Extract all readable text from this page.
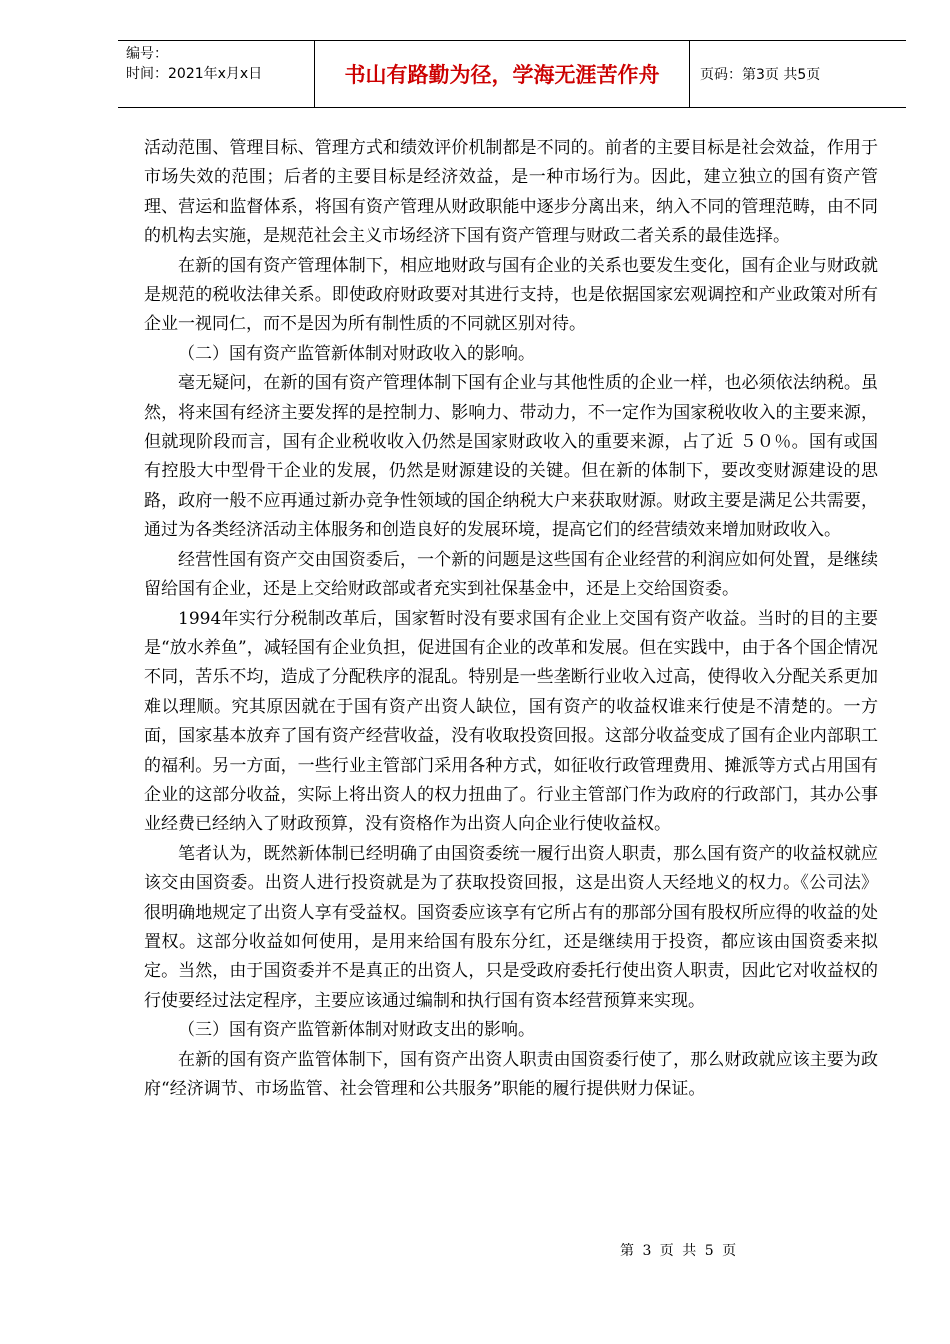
编号：
时间：2021年x月x日	书山有路勤为径，学海无涯苦作舟	页码：第3页 共5页

活动范围、管理目标、管理方式和绩效评价机制都是不同的。前者的主要目标是社会效益，作用于市场失效的范围；后者的主要目标是经济效益，是一种市场行为。因此，建立独立的国有资产管理、营运和监督体系，将国有资产管理从财政职能中逐步分离出来，纳入不同的管理范畴，由不同的机构去实施，是规范社会主义市场经济下国有资产管理与财政二者关系的最佳选择。

在新的国有资产管理体制下，相应地财政与国有企业的关系也要发生变化，国有企业与财政就是规范的税收法律关系。即使政府财政要对其进行支持，也是依据国家宏观调控和产业政策对所有企业一视同仁，而不是因为所有制性质的不同就区别对待。

（二）国有资产监管新体制对财政收入的影响。

毫无疑问，在新的国有资产管理体制下国有企业与其他性质的企业一样，也必须依法纳税。虽然，将来国有经济主要发挥的是控制力、影响力、带动力，不一定作为国家税收收入的主要来源，但就现阶段而言，国有企业税收收入仍然是国家财政收入的重要来源，占了近 ５０％。国有或国有控股大中型骨干企业的发展，仍然是财源建设的关键。但在新的体制下，要改变财源建设的思路，政府一般不应再通过新办竞争性领域的国企纳税大户来获取财源。财政主要是满足公共需要，通过为各类经济活动主体服务和创造良好的发展环境，提高它们的经营绩效来增加财政收入。

经营性国有资产交由国资委后，一个新的问题是这些国有企业经营的利润应如何处置，是继续留给国有企业，还是上交给财政部或者充实到社保基金中，还是上交给国资委。

1994年实行分税制改革后，国家暂时没有要求国有企业上交国有资产收益。当时的目的主要是“放水养鱼”，减轻国有企业负担，促进国有企业的改革和发展。但在实践中，由于各个国企情况不同，苦乐不均，造成了分配秩序的混乱。特别是一些垄断行业收入过高，使得收入分配关系更加难以理顺。究其原因就在于国有资产出资人缺位，国有资产的收益权谁来行使是不清楚的。一方面，国家基本放弃了国有资产经营收益，没有收取投资回报。这部分收益变成了国有企业内部职工的福利。另一方面，一些行业主管部门采用各种方式，如征收行政管理费用、摊派等方式占用国有企业的这部分收益，实际上将出资人的权力扭曲了。行业主管部门作为政府的行政部门，其办公事业经费已经纳入了财政预算，没有资格作为出资人向企业行使收益权。

笔者认为，既然新体制已经明确了由国资委统一履行出资人职责，那么国有资产的收益权就应该交由国资委。出资人进行投资就是为了获取投资回报，这是出资人天经地义的权力。《公司法》很明确地规定了出资人享有受益权。国资委应该享有它所占有的那部分国有股权所应得的收益的处置权。这部分收益如何使用，是用来给国有股东分红，还是继续用于投资，都应该由国资委来拟定。当然，由于国资委并不是真正的出资人，只是受政府委托行使出资人职责，因此它对收益权的行使要经过法定程序，主要应该通过编制和执行国有资本经营预算来实现。

（三）国有资产监管新体制对财政支出的影响。

在新的国有资产监管体制下，国有资产出资人职责由国资委行使了，那么财政就应该主要为政府“经济调节、市场监管、社会管理和公共服务”职能的履行提供财力保证。

第 3 页 共 5 页
